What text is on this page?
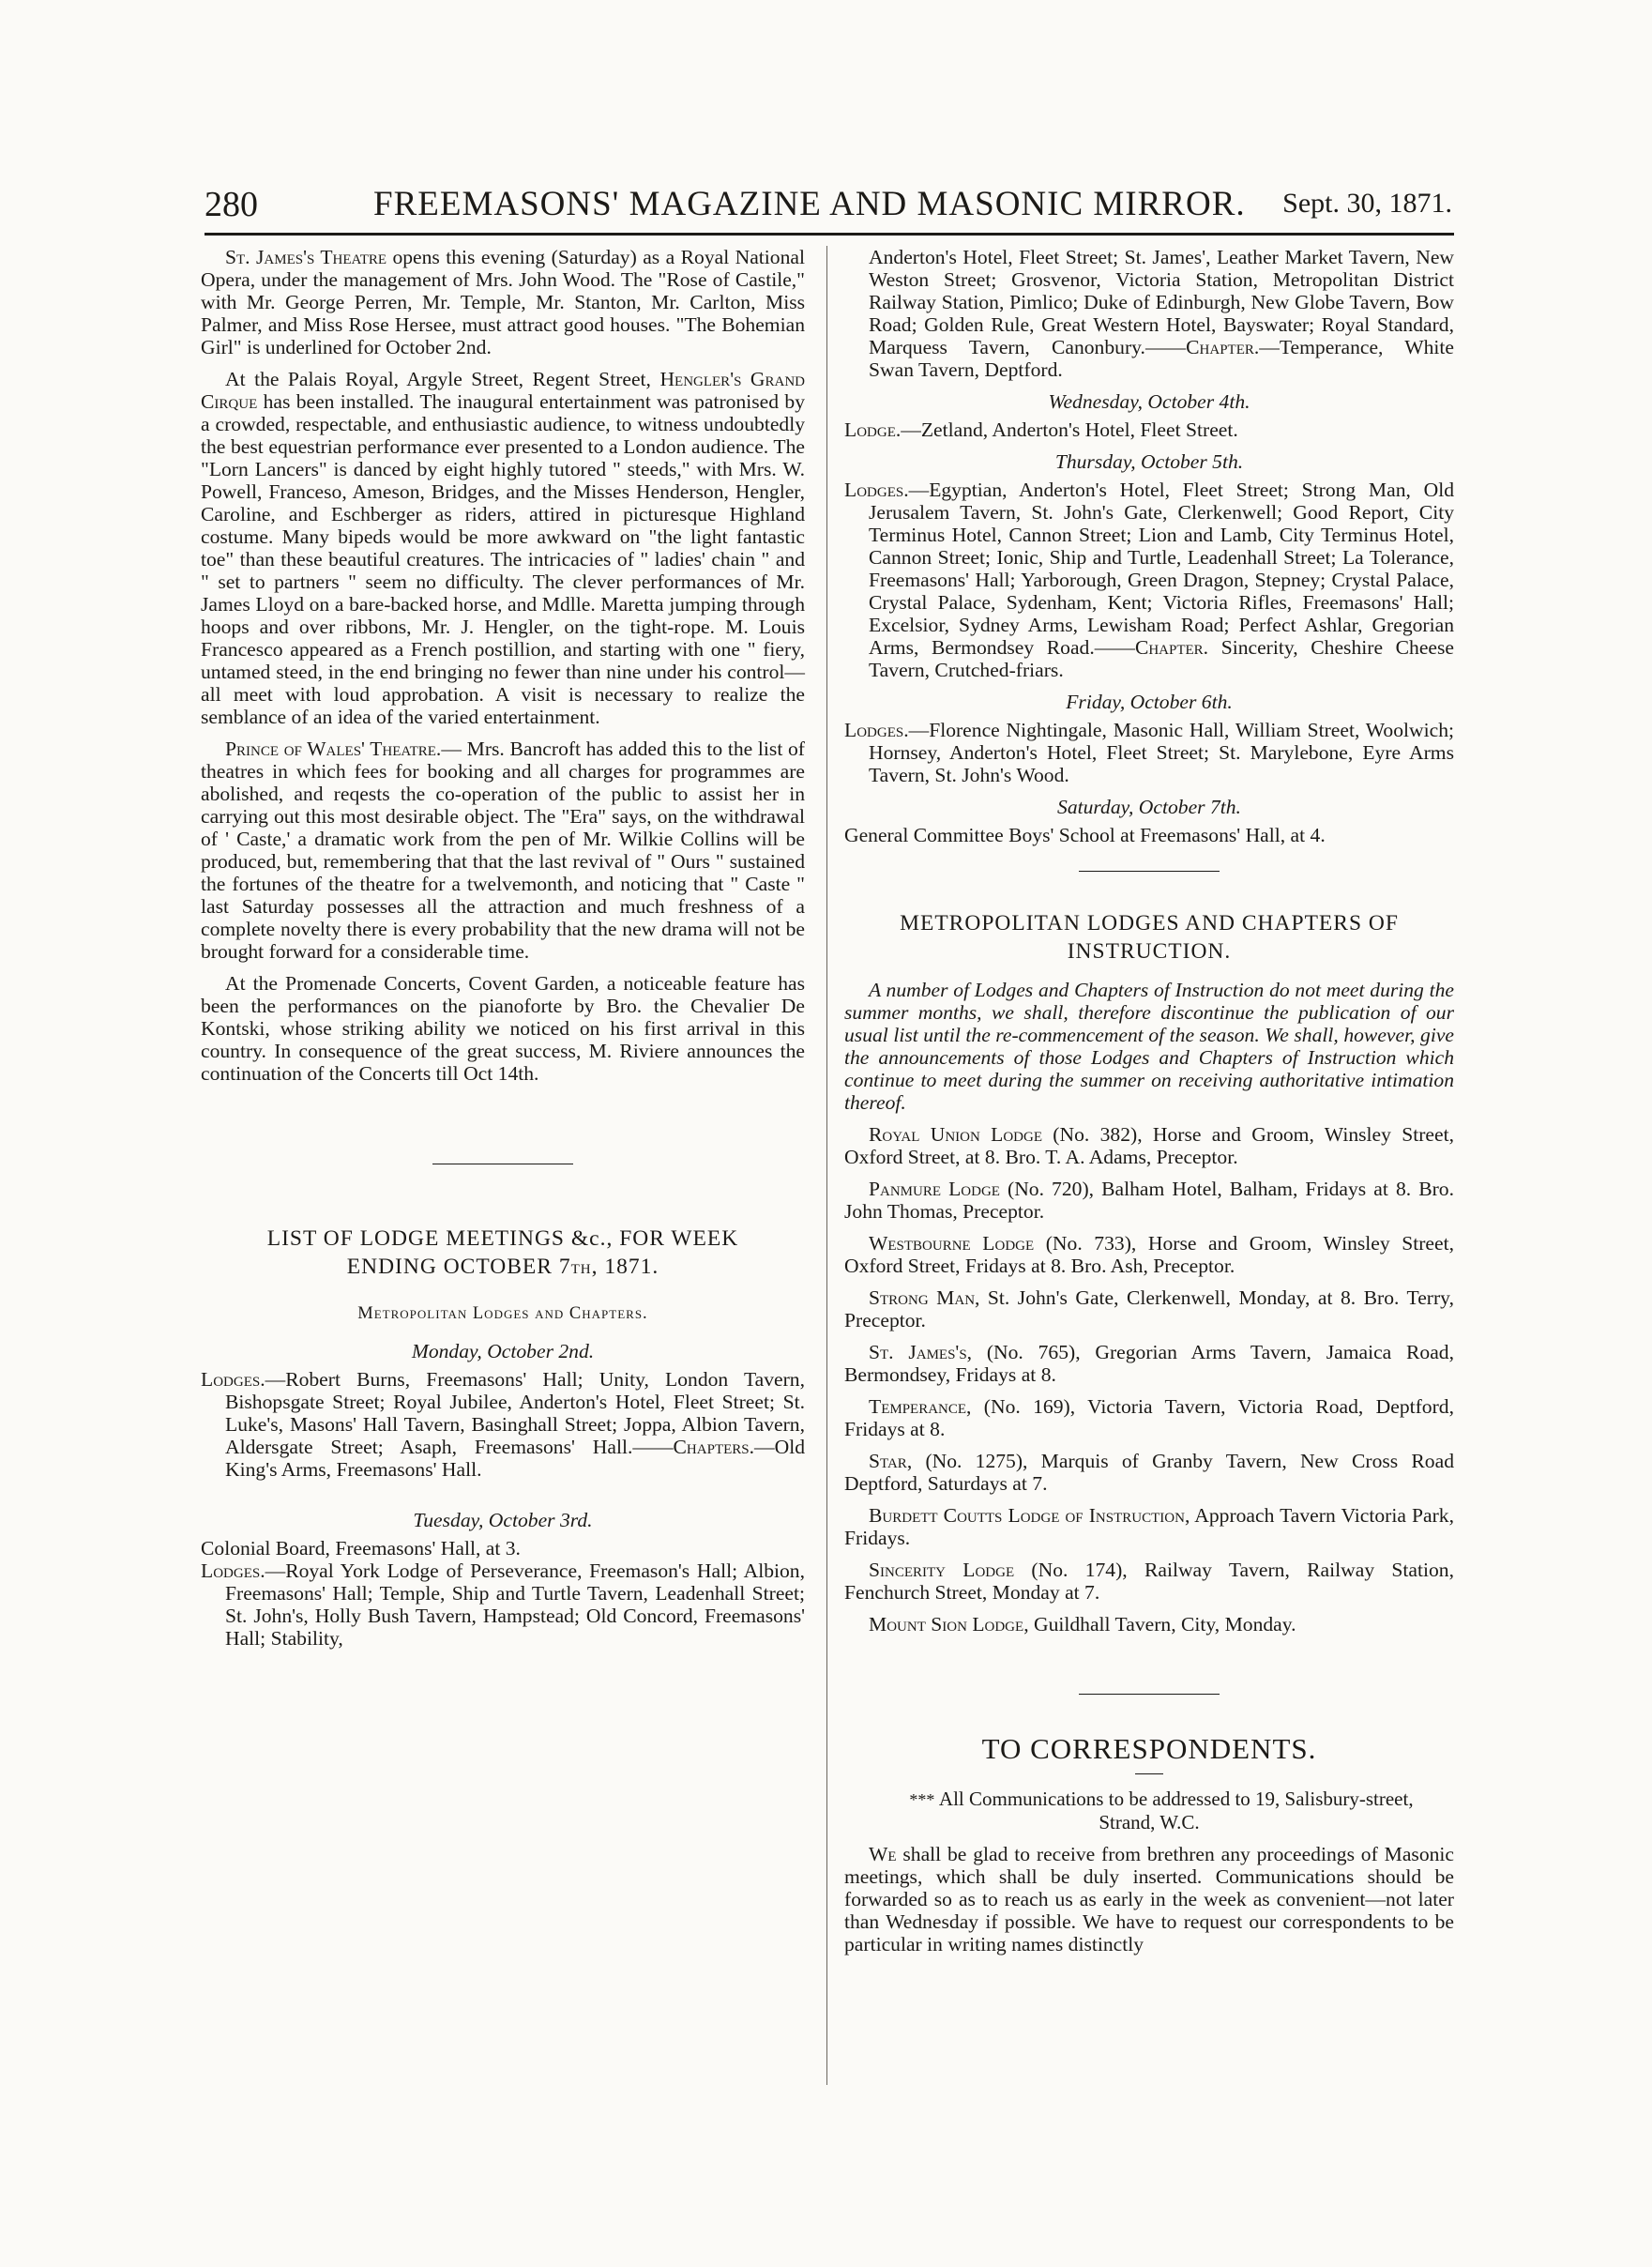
280	FREEMASONS' MAGAZINE AND MASONIC MIRROR. Sept. 30, 1871.

St. James's Theatre opens this evening (Saturday) as a Royal National Opera, under the management of Mrs. John Wood. The "Rose of Castile," with Mr. George Perren, Mr. Temple, Mr. Stanton, Mr. Carlton, Miss Palmer, and Miss Rose Hersee, must attract good houses. "The Bohemian Girl" is underlined for October 2nd.

At the Palais Royal, Argyle Street, Regent Street, Hengler's Grand Cirque has been installed. The inaugural entertainment was patronised by a crowded, respectable, and enthusiastic audience, to witness undoubtedly the best equestrian performance ever presented to a London audience. The "Lorn Lancers" is danced by eight highly tutored " steeds," with Mrs. W. Powell, Franceso, Ameson, Bridges, and the Misses Henderson, Hengler, Caroline, and Eschberger as riders, attired in picturesque Highland costume. Many bipeds would be more awkward on "the light fantastic toe" than these beautiful creatures. The intricacies of " ladies' chain " and " set to partners " seem no difficulty. The clever performances of Mr. James Lloyd on a bare-backed horse, and Mdlle. Maretta jumping through hoops and over ribbons, Mr. J. Hengler, on the tight-rope. M. Louis Francesco appeared as a French postillion, and starting with one " fiery, untamed steed, in the end bringing no fewer than nine under his control—all meet with loud approbation. A visit is necessary to realize the semblance of an idea of the varied entertainment.

Prince of Wales' Theatre.— Mrs. Bancroft has added this to the list of theatres in which fees for booking and all charges for programmes are abolished, and reqests the co-operation of the public to assist her in carrying out this most desirable object. The "Era" says, on the withdrawal of ' Caste,' a dramatic work from the pen of Mr. Wilkie Collins will be produced, but, remembering that that the last revival of " Ours " sustained the fortunes of the theatre for a twelvemonth, and noticing that " Caste " last Saturday possesses all the attraction and much freshness of a complete novelty there is every probability that the new drama will not be brought forward for a considerable time.

At the Promenade Concerts, Covent Garden, a noticeable feature has been the performances on the pianoforte by Bro. the Chevalier De Kontski, whose striking ability we noticed on his first arrival in this country. In consequence of the great success, M. Riviere announces the continuation of the Concerts till Oct 14th.

LIST OF LODGE MEETINGS &c., FOR WEEK
ENDING OCTOBER 7TH, 1871.

Metropolitan Lodges and Chapters.

Monday, October 2nd.

Lodges.—Robert Burns, Freemasons' Hall; Unity, London Tavern, Bishopsgate Street; Royal Jubilee, Anderton's Hotel, Fleet Street; St. Luke's, Masons' Hall Tavern, Basinghall Street; Joppa, Albion Tavern, Aldersgate Street; Asaph, Freemasons' Hall.——Chapters.—Old King's Arms, Freemasons' Hall.

Tuesday, October 3rd.

Colonial Board, Freemasons' Hall, at 3.

Lodges.—Royal York Lodge of Perseverance, Freemason's Hall; Albion, Freemasons' Hall; Temple, Ship and Turtle Tavern, Leadenhall Street; St. John's, Holly Bush Tavern, Hampstead; Old Concord, Freemasons' Hall; Stability,

Anderton's Hotel, Fleet Street; St. James', Leather Market Tavern, New Weston Street; Grosvenor, Victoria Station, Metropolitan District Railway Station, Pimlico; Duke of Edinburgh, New Globe Tavern, Bow Road; Golden Rule, Great Western Hotel, Bayswater; Royal Standard, Marquess Tavern, Canonbury.——Chapter.—Temperance, White Swan Tavern, Deptford.

Wednesday, October 4th.

Lodge.—Zetland, Anderton's Hotel, Fleet Street.

Thursday, October 5th.

Lodges.—Egyptian, Anderton's Hotel, Fleet Street; Strong Man, Old Jerusalem Tavern, St. John's Gate, Clerkenwell; Good Report, City Terminus Hotel, Cannon Street; Lion and Lamb, City Terminus Hotel, Cannon Street; Ionic, Ship and Turtle, Leadenhall Street; La Tolerance, Freemasons' Hall; Yarborough, Green Dragon, Stepney; Crystal Palace, Crystal Palace, Sydenham, Kent; Victoria Rifles, Freemasons' Hall; Excelsior, Sydney Arms, Lewisham Road; Perfect Ashlar, Gregorian Arms, Bermondsey Road.——Chapter. Sincerity, Cheshire Cheese Tavern, Crutched-friars.

Friday, October 6th.

Lodges.—Florence Nightingale, Masonic Hall, William Street, Woolwich; Hornsey, Anderton's Hotel, Fleet Street; St. Marylebone, Eyre Arms Tavern, St. John's Wood.

Saturday, October 7th.

General Committee Boys' School at Freemasons' Hall, at 4.

METROPOLITAN LODGES AND CHAPTERS OF
INSTRUCTION.

A number of Lodges and Chapters of Instruction do not meet during the summer months, we shall, therefore discontinue the publication of our usual list until the re-commencement of the season. We shall, however, give the announcements of those Lodges and Chapters of Instruction which continue to meet during the summer on receiving authoritative intimation thereof.

Royal Union Lodge (No. 382), Horse and Groom, Winsley Street, Oxford Street, at 8. Bro. T. A. Adams, Preceptor.

Panmure Lodge (No. 720), Balham Hotel, Balham, Fridays at 8. Bro. John Thomas, Preceptor.

Westbourne Lodge (No. 733), Horse and Groom, Winsley Street, Oxford Street, Fridays at 8. Bro. Ash, Preceptor.

Strong Man, St. John's Gate, Clerkenwell, Monday, at 8. Bro. Terry, Preceptor.

St. James's, (No. 765), Gregorian Arms Tavern, Jamaica Road, Bermondsey, Fridays at 8.

Temperance, (No. 169), Victoria Tavern, Victoria Road, Deptford, Fridays at 8.

Star, (No. 1275), Marquis of Granby Tavern, New Cross Road Deptford, Saturdays at 7.

Burdett Coutts Lodge of Instruction, Approach Tavern Victoria Park, Fridays.

Sincerity Lodge (No. 174), Railway Tavern, Railway Station, Fenchurch Street, Monday at 7.

Mount Sion Lodge, Guildhall Tavern, City, Monday.

TO CORRESPONDENTS.

*** All Communications to be addressed to 19, Salisbury-street, Strand, W.C.

We shall be glad to receive from brethren any proceedings of Masonic meetings, which shall be duly inserted. Communications should be forwarded so as to reach us as early in the week as convenient—not later than Wednesday if possible. We have to request our correspondents to be particular in writing names distinctly
